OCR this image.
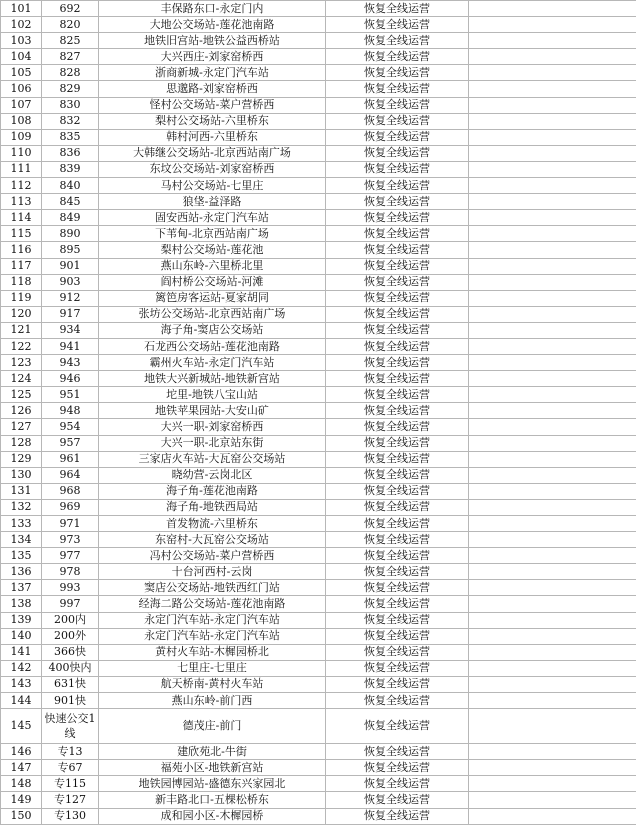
101	692	丰保路东口-永定门内	恢复全线运营	
102	820	大地公交场站-莲花池南路	恢复全线运营	
103	825	地铁旧宫站-地铁公益西桥站	恢复全线运营	
104	827	大兴西庄-刘家窑桥西	恢复全线运营	
105	828	浙商新城-永定门汽车站	恢复全线运营	
106	829	思邈路-刘家窑桥西	恢复全线运营	
107	830	怪村公交场站-菜户营桥西	恢复全线运营	
108	832	梨村公交场站-六里桥东	恢复全线运营	
109	835	韩村河西-六里桥东	恢复全线运营	
110	836	大韩继公交场站-北京西站南广场	恢复全线运营	
111	839	东坟公交场站-刘家窑桥西	恢复全线运营	
112	840	马村公交场站-七里庄	恢复全线运营	
113	845	狼垡-益泽路	恢复全线运营	
114	849	固安西站-永定门汽车站	恢复全线运营	
115	890	下苇甸-北京西站南广场	恢复全线运营	
116	895	梨村公交场站-莲花池	恢复全线运营	
117	901	燕山东岭-六里桥北里	恢复全线运营	
118	903	阎村桥公交场站-河滩	恢复全线运营	
119	912	篱笆房客运站-夏家胡同	恢复全线运营	
120	917	张坊公交场站-北京西站南广场	恢复全线运营	
121	934	海子角-窦店公交场站	恢复全线运营	
122	941	石龙西公交场站-莲花池南路	恢复全线运营	
123	943	霸州火车站-永定门汽车站	恢复全线运营	
124	946	地铁大兴新城站-地铁新宫站	恢复全线运营	
125	951	坨里-地铁八宝山站	恢复全线运营	
126	948	地铁苹果园站-大安山矿	恢复全线运营	
127	954	大兴一职-刘家窑桥西	恢复全线运营	
128	957	大兴一职-北京站东街	恢复全线运营	
129	961	三家店火车站-大瓦窑公交场站	恢复全线运营	
130	964	晓幼营-云岗北区	恢复全线运营	
131	968	海子角-莲花池南路	恢复全线运营	
132	969	海子角-地铁西局站	恢复全线运营	
133	971	首发物流-六里桥东	恢复全线运营	
134	973	东窑村-大瓦窑公交场站	恢复全线运营	
135	977	冯村公交场站-菜户营桥西	恢复全线运营	
136	978	十台河西村-云岗	恢复全线运营	
137	993	窦店公交场站-地铁西红门站	恢复全线运营	
138	997	经海二路公交场站-莲花池南路	恢复全线运营	
139	200内	永定门汽车站-永定门汽车站	恢复全线运营	
140	200外	永定门汽车站-永定门汽车站	恢复全线运营	
141	366快	黄村火车站-木樨园桥北	恢复全线运营	
142	400快内	七里庄-七里庄	恢复全线运营	
143	631快	航天桥南-黄村火车站	恢复全线运营	
144	901快	燕山东岭-前门西	恢复全线运营	
145	快速公交1线	德茂庄-前门	恢复全线运营	
146	专13	建欣苑北-牛街	恢复全线运营	
147	专67	福苑小区-地铁新宫站	恢复全线运营	
148	专115	地铁园博园站-盛德东兴家园北	恢复全线运营	
149	专127	新丰路北口-五棵松桥东	恢复全线运营	
150	专130	成和园小区-木樨园桥	恢复全线运营	
